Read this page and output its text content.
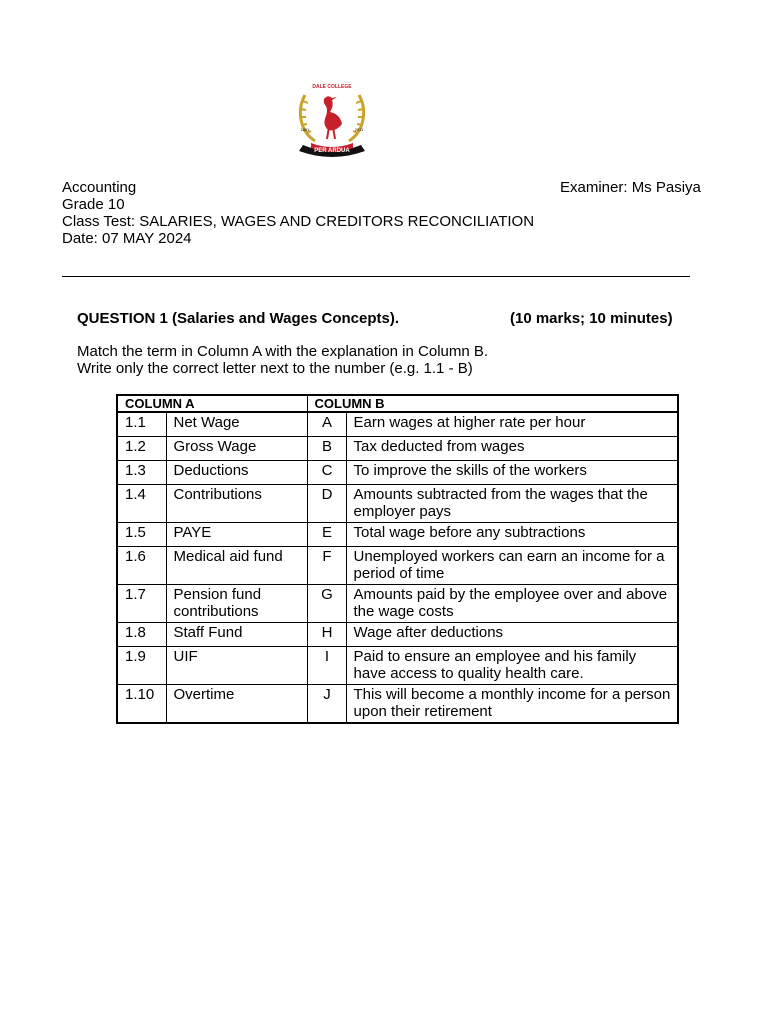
DALE COLLEGE
1861	2011
PER ARDUA
Accounting	Examiner: Ms Pasiya
Grade 10
Class Test: SALARIES, WAGES AND CREDITORS RECONCILIATION
Date: 07 MAY 2024
QUESTION 1 (Salaries and Wages Concepts).	(10 marks; 10 minutes)
Match the term in Column A with the explanation in Column B.
Write only the correct letter next to the number (e.g. 1.1 - B)
COLUMN A		COLUMN B	
1.1	Net Wage	A	Earn wages at higher rate per hour
1.2	Gross Wage	B	Tax deducted from wages
1.3	Deductions	C	To improve the skills of the workers
1.4	Contributions	D	Amounts subtracted from the wages that the employer pays
1.5	PAYE	E	Total wage before any subtractions
1.6	Medical aid fund	F	Unemployed workers can earn an income for a period of time
1.7	Pension fund contributions	G	Amounts paid by the employee over and above the wage costs
1.8	Staff Fund	H	Wage after deductions
1.9	UIF	I	Paid to ensure an employee and his family have access to quality health care.
1.10	Overtime	J	This will become a monthly income for a person upon their retirement
